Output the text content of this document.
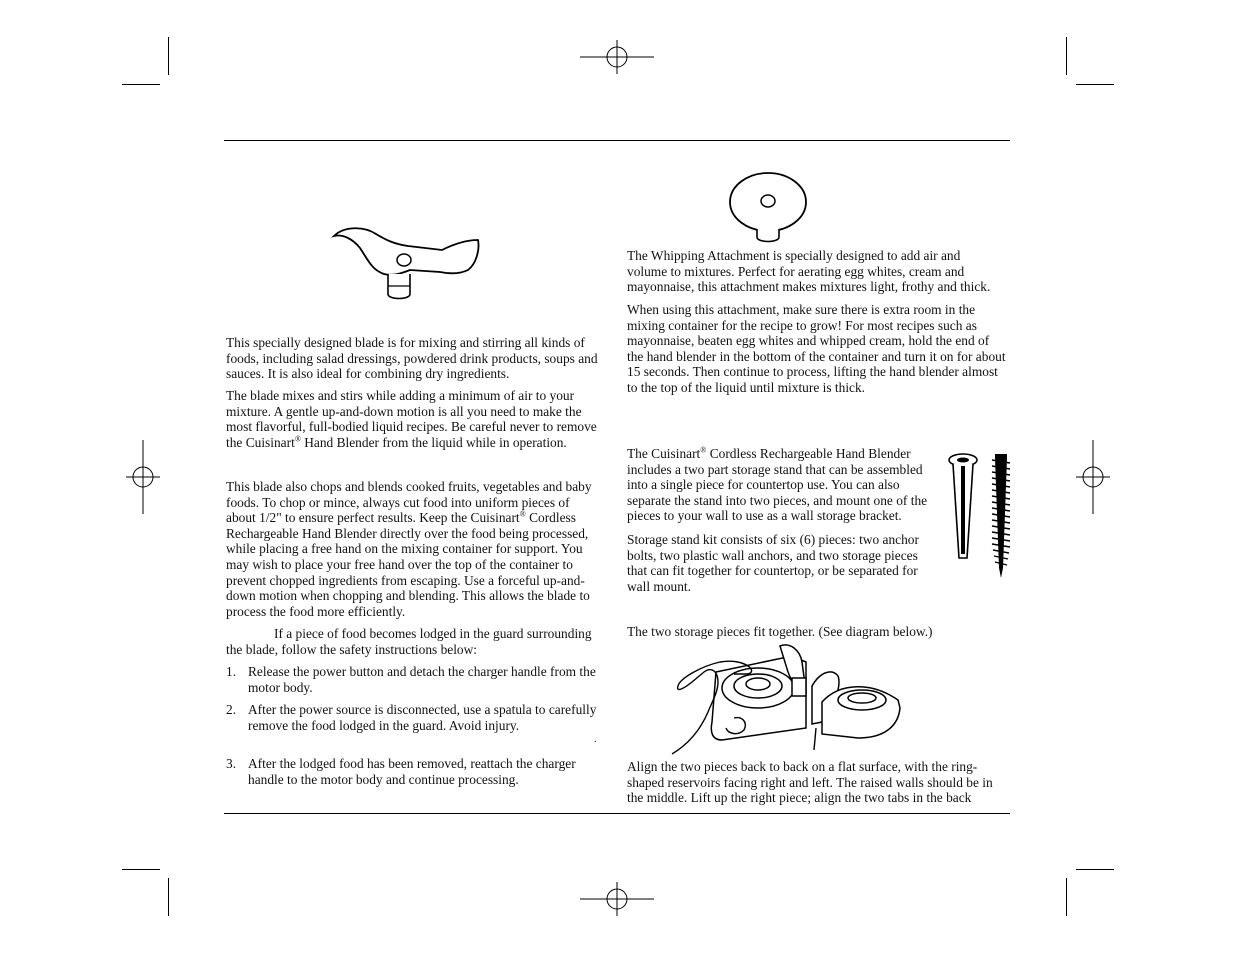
This specially designed blade is for mixing and stirring all kinds of foods, including salad dressings, powdered drink products, soups and sauces. It is also ideal for combining dry ingredients.

The blade mixes and stirs while adding a minimum of air to your mixture. A gentle up-and-down motion is all you need to make the most flavorful, full-bodied liquid recipes. Be careful never to remove the Cuisinart® Hand Blender from the liquid while in operation.

This blade also chops and blends cooked fruits, vegetables and baby foods. To chop or mince, always cut food into uniform pieces of about 1/2" to ensure perfect results. Keep the Cuisinart® Cordless Rechargeable Hand Blender directly over the food being processed, while placing a free hand on the mixing container for support. You may wish to place your free hand over the top of the container to prevent chopped ingredients from escaping. Use a forceful up-and-down motion when chopping and blending. This allows the blade to process the food more efficiently.

If a piece of food becomes lodged in the guard surrounding the blade, follow the safety instructions below:

1. Release the power button and detach the charger handle from the motor body.
2. After the power source is disconnected, use a spatula to carefully remove the food lodged in the guard. Avoid injury.
.
3. After the lodged food has been removed, reattach the charger handle to the motor body and continue processing.

The Whipping Attachment is specially designed to add air and volume to mixtures. Perfect for aerating egg whites, cream and mayonnaise, this attachment makes mixtures light, frothy and thick.

When using this attachment, make sure there is extra room in the mixing container for the recipe to grow! For most recipes such as mayonnaise, beaten egg whites and whipped cream, hold the end of the hand blender in the bottom of the container and turn it on for about 15 seconds. Then continue to process, lifting the hand blender almost to the top of the liquid until mixture is thick.

The Cuisinart® Cordless Rechargeable Hand Blender includes a two part storage stand that can be assembled into a single piece for countertop use. You can also separate the stand into two pieces, and mount one of the pieces to your wall to use as a wall storage bracket.

Storage stand kit consists of six (6) pieces: two anchor bolts, two plastic wall anchors, and two storage pieces that can fit together for countertop, or be separated for wall mount.

The two storage pieces fit together. (See diagram below.)

Align the two pieces back to back on a flat surface, with the ring-shaped reservoirs facing right and left. The raised walls should be in the middle. Lift up the right piece; align the two tabs in the back
